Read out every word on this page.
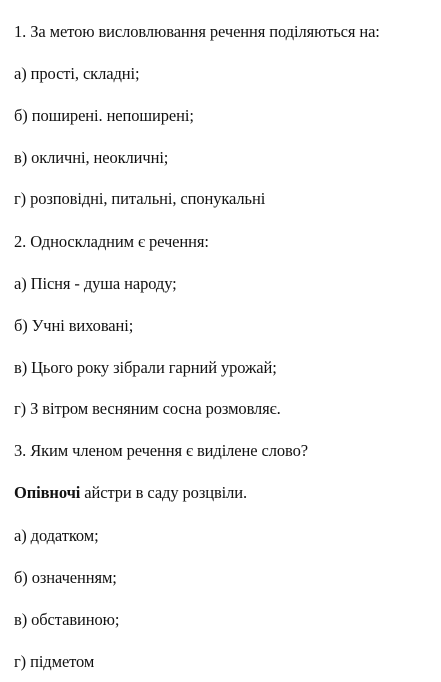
1. За метою висловлювання речення поділяються на:
а) прості, складні;
б) поширені. непоширені;
в) окличні, неокличні;
г) розповідні, питальні, спонукальні
2. Односкладним є речення:
а) Пісня - душа народу;
б) Учні виховані;
в) Цього року зібрали гарний урожай;
г) З вітром весняним сосна розмовляє.
3. Яким членом речення є виділене слово?
Опівночі айстри в саду розцвіли.
а) додатком;
б) означенням;
в) обставиною;
г) підметом
